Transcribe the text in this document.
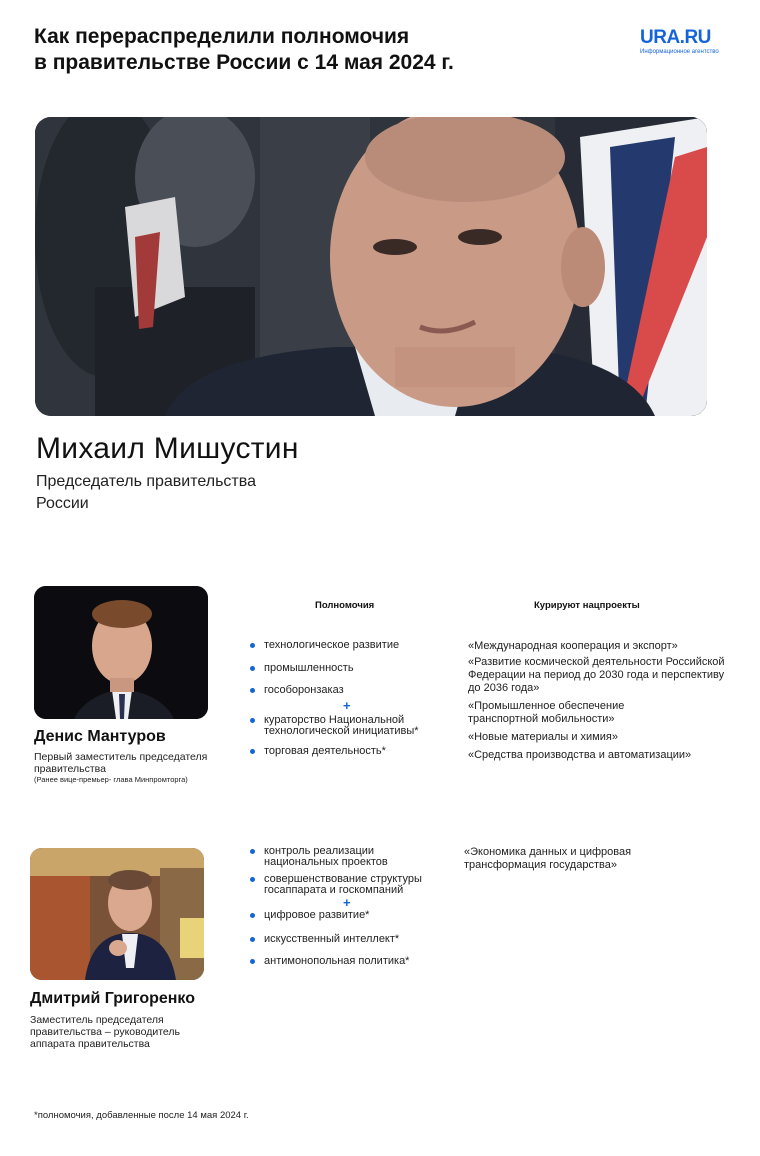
Как перераспределили полномочия
в правительстве России с 14 мая 2024 г.
URA.RU
Информационное агентство
Михаил Мишустин
Председатель правительства
России
Полномочия	Курируют нацпроекты
Денис Мантуров
Первый заместитель председателя
правительства
(Ранее вице-премьер- глава Минпромторга)
технологическое развитие
промышленность
гособоронзаказ
кураторство Национальной технологической инициативы*
торговая деятельность*
+
«Международная кооперация и экспорт»
«Развитие космической деятельности Российской Федерации на период до 2030 года и перспективу до 2036 года»
«Промышленное обеспечение транспортной мобильности»
«Новые материалы и химия»
«Средства производства и автоматизации»
Дмитрий Григоренко
Заместитель председателя
правительства – руководитель
аппарата правительства
контроль реализации национальных проектов
совершенствование структуры госаппарата и госкомпаний
цифровое развитие*
искусственный интеллект*
антимонопольная политика*
+
«Экономика данных и цифровая трансформация государства»
*полномочия, добавленные после 14 мая 2024 г.
